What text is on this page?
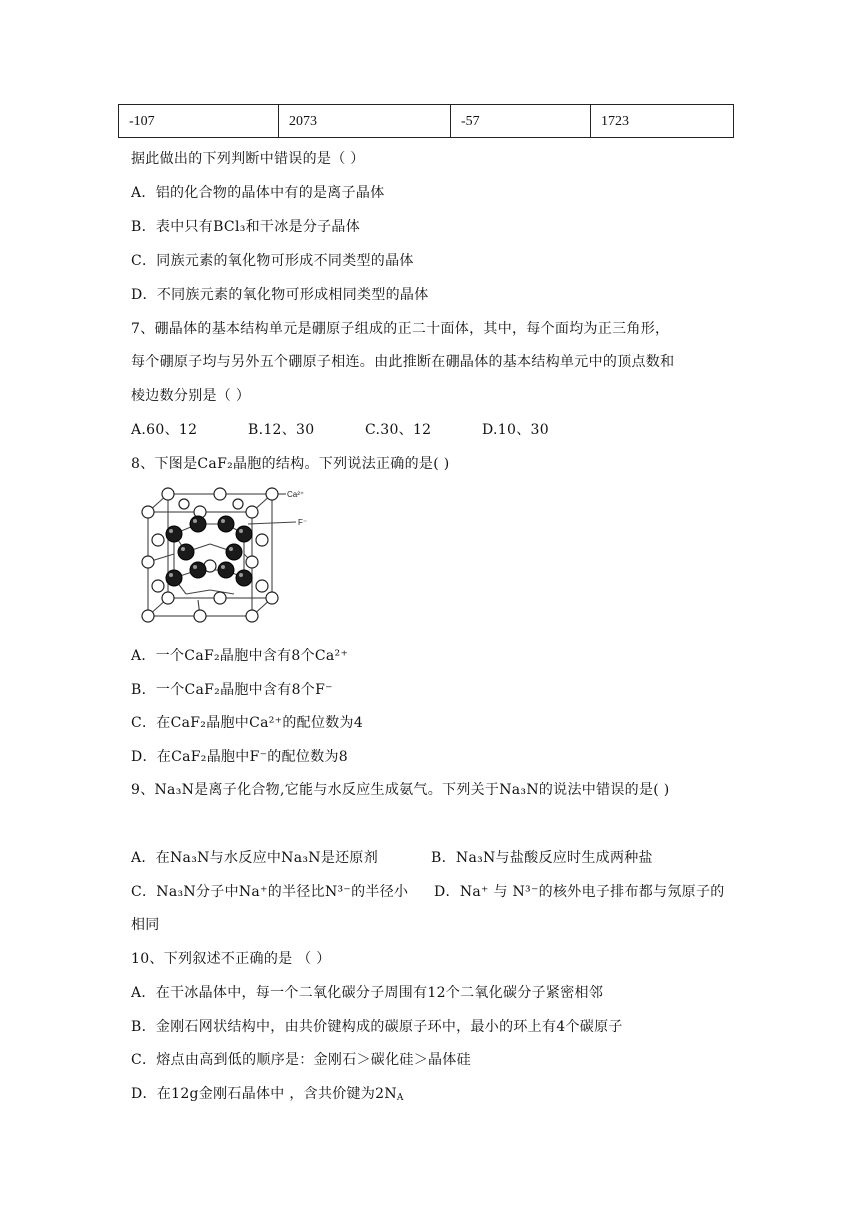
-107	2073	-57	1723
据此做出的下列判断中错误的是（ ）
A．铝的化合物的晶体中有的是离子晶体
B．表中只有BCl₃和干冰是分子晶体
C．同族元素的氧化物可形成不同类型的晶体
D．不同族元素的氧化物可形成相同类型的晶体
7、硼晶体的基本结构单元是硼原子组成的正二十面体，其中，每个面均为正三角形，
每个硼原子均与另外五个硼原子相连。由此推断在硼晶体的基本结构单元中的顶点数和
棱边数分别是（ ）
A.60、12	B.12、30	C.30、12	D.10、30
8、下图是CaF₂晶胞的结构。下列说法正确的是( )
Ca²⁺
F⁻
A．一个CaF₂晶胞中含有8个Ca²⁺
B．一个CaF₂晶胞中含有8个F⁻
C．在CaF₂晶胞中Ca²⁺的配位数为4
D．在CaF₂晶胞中F⁻的配位数为8
9、Na₃N是离子化合物,它能与水反应生成氨气。下列关于Na₃N的说法中错误的是( )
A．在Na₃N与水反应中Na₃N是还原剂	B．Na₃N与盐酸反应时生成两种盐
C．Na₃N分子中Na⁺的半径比N³⁻的半径小 D．Na⁺ 与 N³⁻的核外电子排布都与氖原子的
相同
10、下列叙述不正确的是 （ ）
A．在干冰晶体中，每一个二氧化碳分子周围有12个二氧化碳分子紧密相邻
B．金刚石网状结构中，由共价键构成的碳原子环中，最小的环上有4个碳原子
C．熔点由高到低的顺序是：金刚石＞碳化硅＞晶体硅
D．在12g金刚石晶体中 ，含共价键为$2N_A$
